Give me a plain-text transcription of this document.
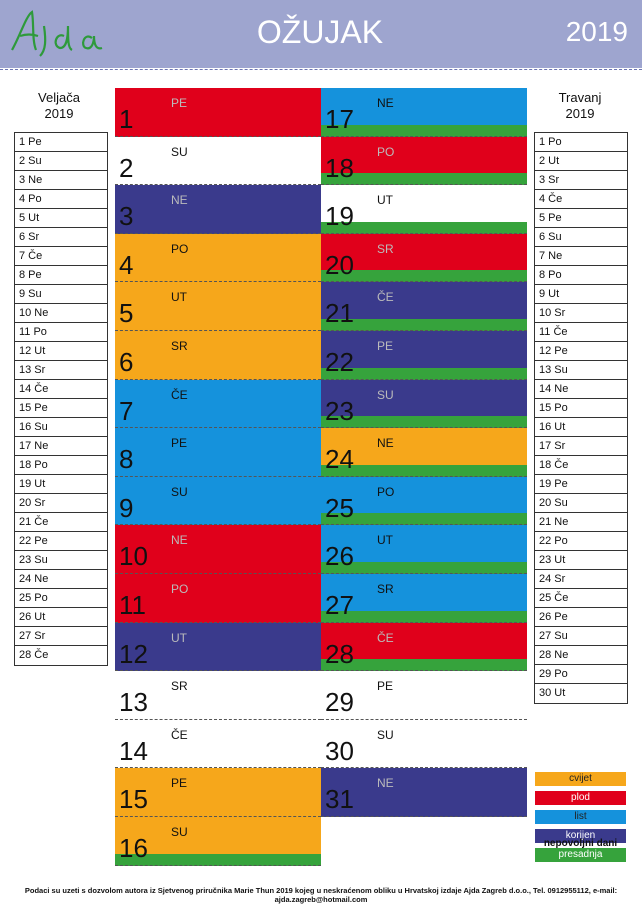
OŽUJAK	2019
Veljača
2019
1 Pe
2 Su
3 Ne
4 Po
5 Ut
6 Sr
7 Če
8 Pe
9 Su
10 Ne
11 Po
12 Ut
13 Sr
14 Če
15 Pe
16 Su
17 Ne
18 Po
19 Ut
20 Sr
21 Če
22 Pe
23 Su
24 Ne
25 Po
26 Ut
27 Sr
28 Če
Travanj
2019
1 Po
2 Ut
3 Sr
4 Če
5 Pe
6 Su
7 Ne
8 Po
9 Ut
10 Sr
11 Če
12 Pe
13 Su
14 Ne
15 Po
16 Ut
17 Sr
18 Če
19 Pe
20 Su
21 Ne
22 Po
23 Ut
24 Sr
25 Če
26 Pe
27 Su
28 Ne
29 Po
30 Ut
1
PE
2
SU
3
NE
4
PO
5
UT
6
SR
7
ČE
8
PE
9
SU
10
NE
11
PO
12
UT
13
SR
14
ČE
15
PE
16
SU
17
NE
18
PO
19
UT
20
SR
21
ČE
22
PE
23
SU
24
NE
25
PO
26
UT
27
SR
28
ČE
29
PE
30
SU
31
NE	cvijet
plod
list
korijen
presadnja
nepovoljni dani
Podaci su uzeti s dozvolom autora iz Sjetvenog priručnika Marie Thun 2019 kojeg u neskraćenom obliku u Hrvatskoj izdaje Ajda Zagreb d.o.o., Tel. 0912955112, e-mail: ajda.zagreb@hotmail.com
